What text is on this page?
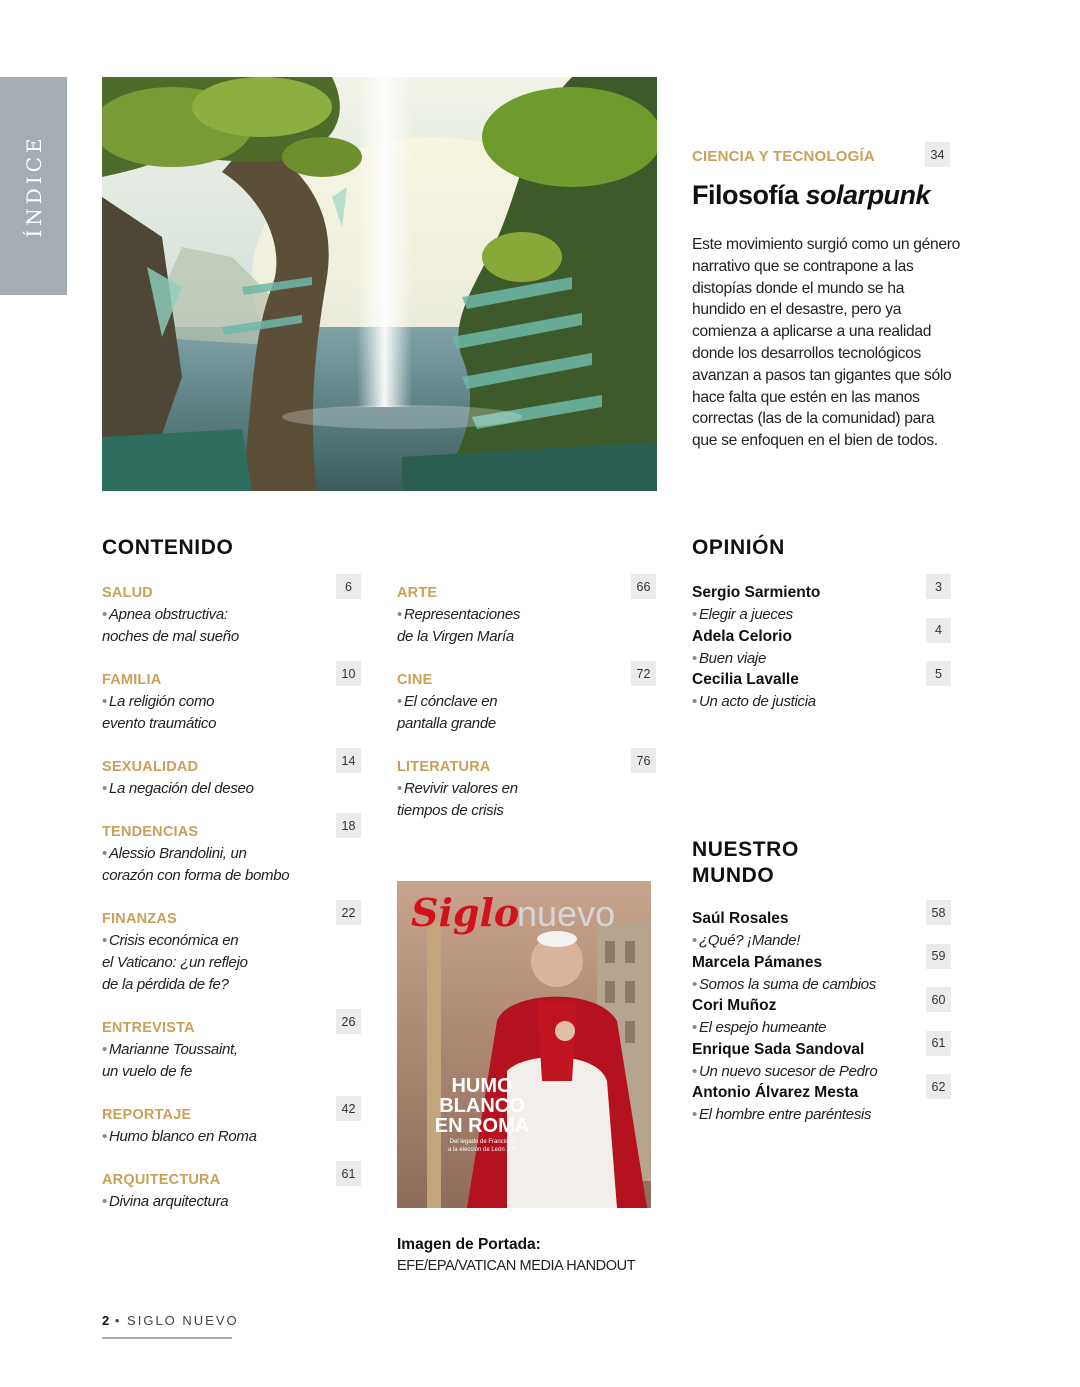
ÍNDICE	CIENCIA Y TECNOLOGÍA	34
Filosofía solarpunk
Este movimiento surgió como un género narrativo que se contrapone a las distopías donde el mundo se ha hundido en el desastre, pero ya comienza a aplicarse a una realidad donde los desarrollos tecnológicos avanzan a pasos tan gigantes que sólo hace falta que estén en las manos correctas (las de la comunidad) para que se enfoquen en el bien de todos.
CONTENIDO
SALUD
• Apnea obstructiva:
noches de mal sueño
6
FAMILIA
• La religión como
evento traumático
10
SEXUALIDAD
• La negación del deseo
14
TENDENCIAS
• Alessio Brandolini, un
corazón con forma de bombo
18
FINANZAS
• Crisis económica en
el Vaticano: ¿un reflejo
de la pérdida de fe?
22
ENTREVISTA
• Marianne Toussaint,
un vuelo de fe
26
REPORTAJE
• Humo blanco en Roma
42
ARQUITECTURA
• Divina arquitectura
61
ARTE
• Representaciones
de la Virgen María
66
CINE
• El cónclave en
pantalla grande
72
LITERATURA
• Revivir valores en
tiempos de crisis
76
OPINIÓN
Sergio Sarmiento
• Elegir a jueces
3
Adela Celorio
• Buen viaje
4
Cecilia Lavalle
• Un acto de justicia
5
NUESTRO
MUNDO
Saúl Rosales
• ¿Qué? ¡Mande!
58
Marcela Pámanes
• Somos la suma de cambios
59
Cori Muñoz
• El espejo humeante
60
Enrique Sada Sandoval
• Un nuevo sucesor de Pedro
61
Antonio Álvarez Mesta
• El hombre entre paréntesis
62
Siglo
nuevo
HUMO
BLANCO
EN ROMA
Del legado de Francisco
a la elección de León XIV
Imagen de Portada:
EFE/EPA/VATICAN MEDIA HANDOUT
2 • SIGLO NUEVO
